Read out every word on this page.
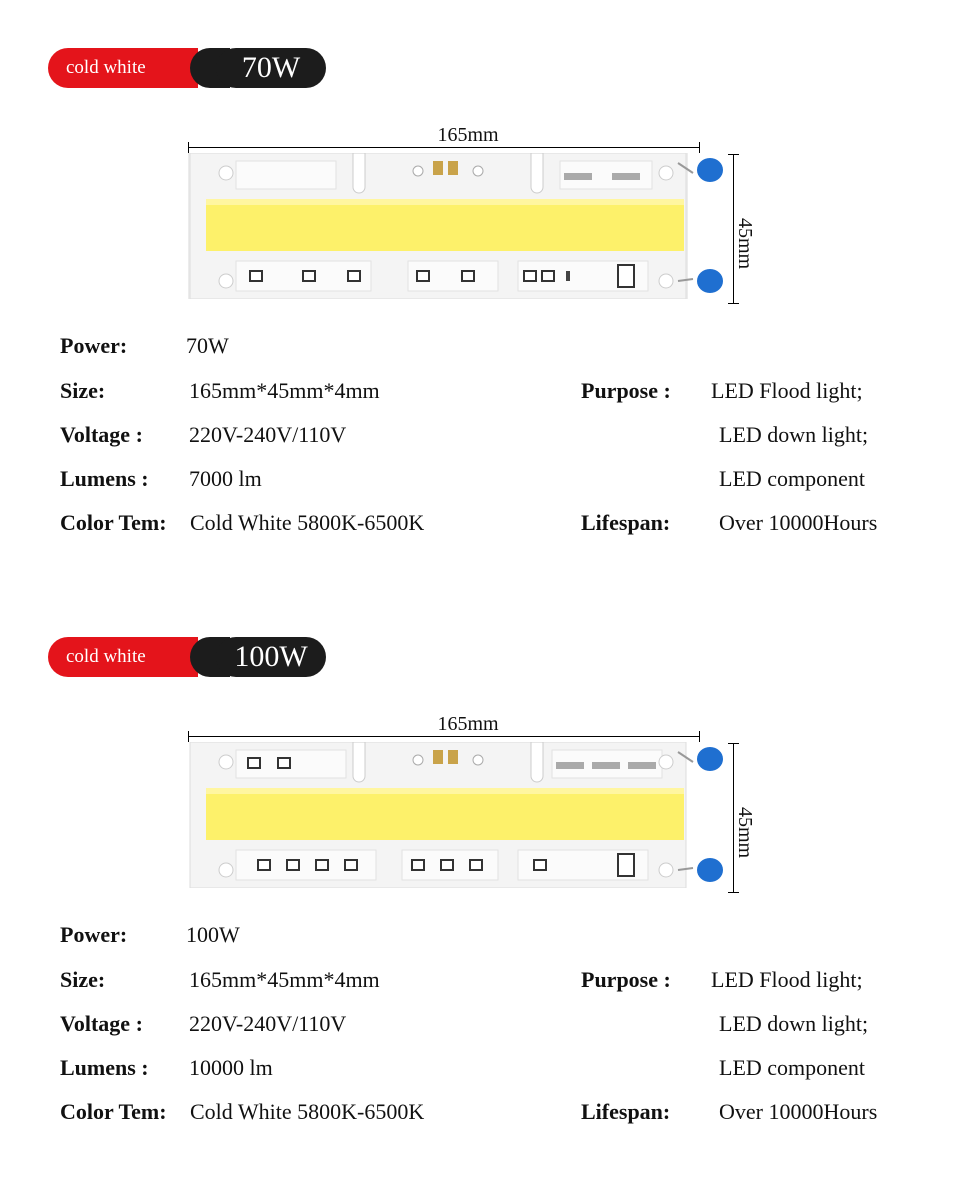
cold white	70W
165mm
45mm
Power:	70W
Size:	165mm*45mm*4mm
Voltage : 220V-240V/110V
Lumens : 7000 lm
Color Tem: Cold White 5800K-6500K
Purpose : LED Flood light;
LED down light;
LED component
Lifespan: Over 10000Hours
cold white	100W
165mm
45mm
Power:	100W
Size:	165mm*45mm*4mm
Voltage : 220V-240V/110V
Lumens : 10000 lm
Color Tem: Cold White 5800K-6500K
Purpose : LED Flood light;
LED down light;
LED component
Lifespan: Over 10000Hours
